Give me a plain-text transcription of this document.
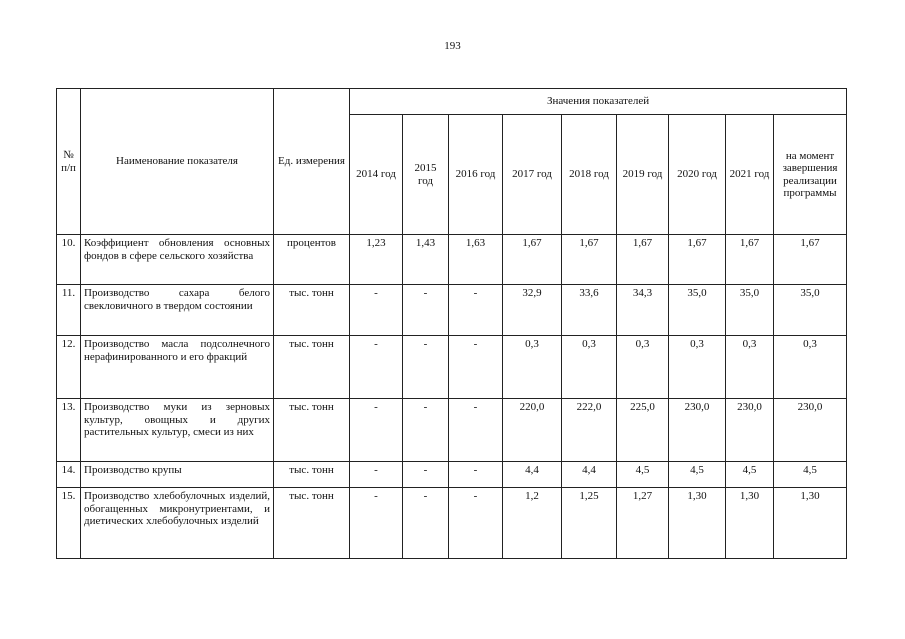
193
№ п/п	Наименование показателя	Ед. измерения	Значения показателей								
			2014 год	2015 год	2016 год	2017 год	2018 год	2019 год	2020 год	2021 год	на момент завершения реализации программы
10.	Коэффициент обновления основных фондов в сфере сельского хозяйства	процентов	1,23	1,43	1,63	1,67	1,67	1,67	1,67	1,67	1,67
11.	Производство сахара белого свекловичного в твердом состоянии	тыс. тонн	-	-	-	32,9	33,6	34,3	35,0	35,0	35,0
12.	Производство масла подсолнечного нерафинированного и его фракций	тыс. тонн	-	-	-	0,3	0,3	0,3	0,3	0,3	0,3
13.	Производство муки из зерновых культур, овощных и других растительных культур, смеси из них	тыс. тонн	-	-	-	220,0	222,0	225,0	230,0	230,0	230,0
14.	Производство крупы	тыс. тонн	-	-	-	4,4	4,4	4,5	4,5	4,5	4,5
15.	Производство хлебобулочных изделий, обогащенных микронутриентами, и диетических хлебобулочных изделий	тыс. тонн	-	-	-	1,2	1,25	1,27	1,30	1,30	1,30
